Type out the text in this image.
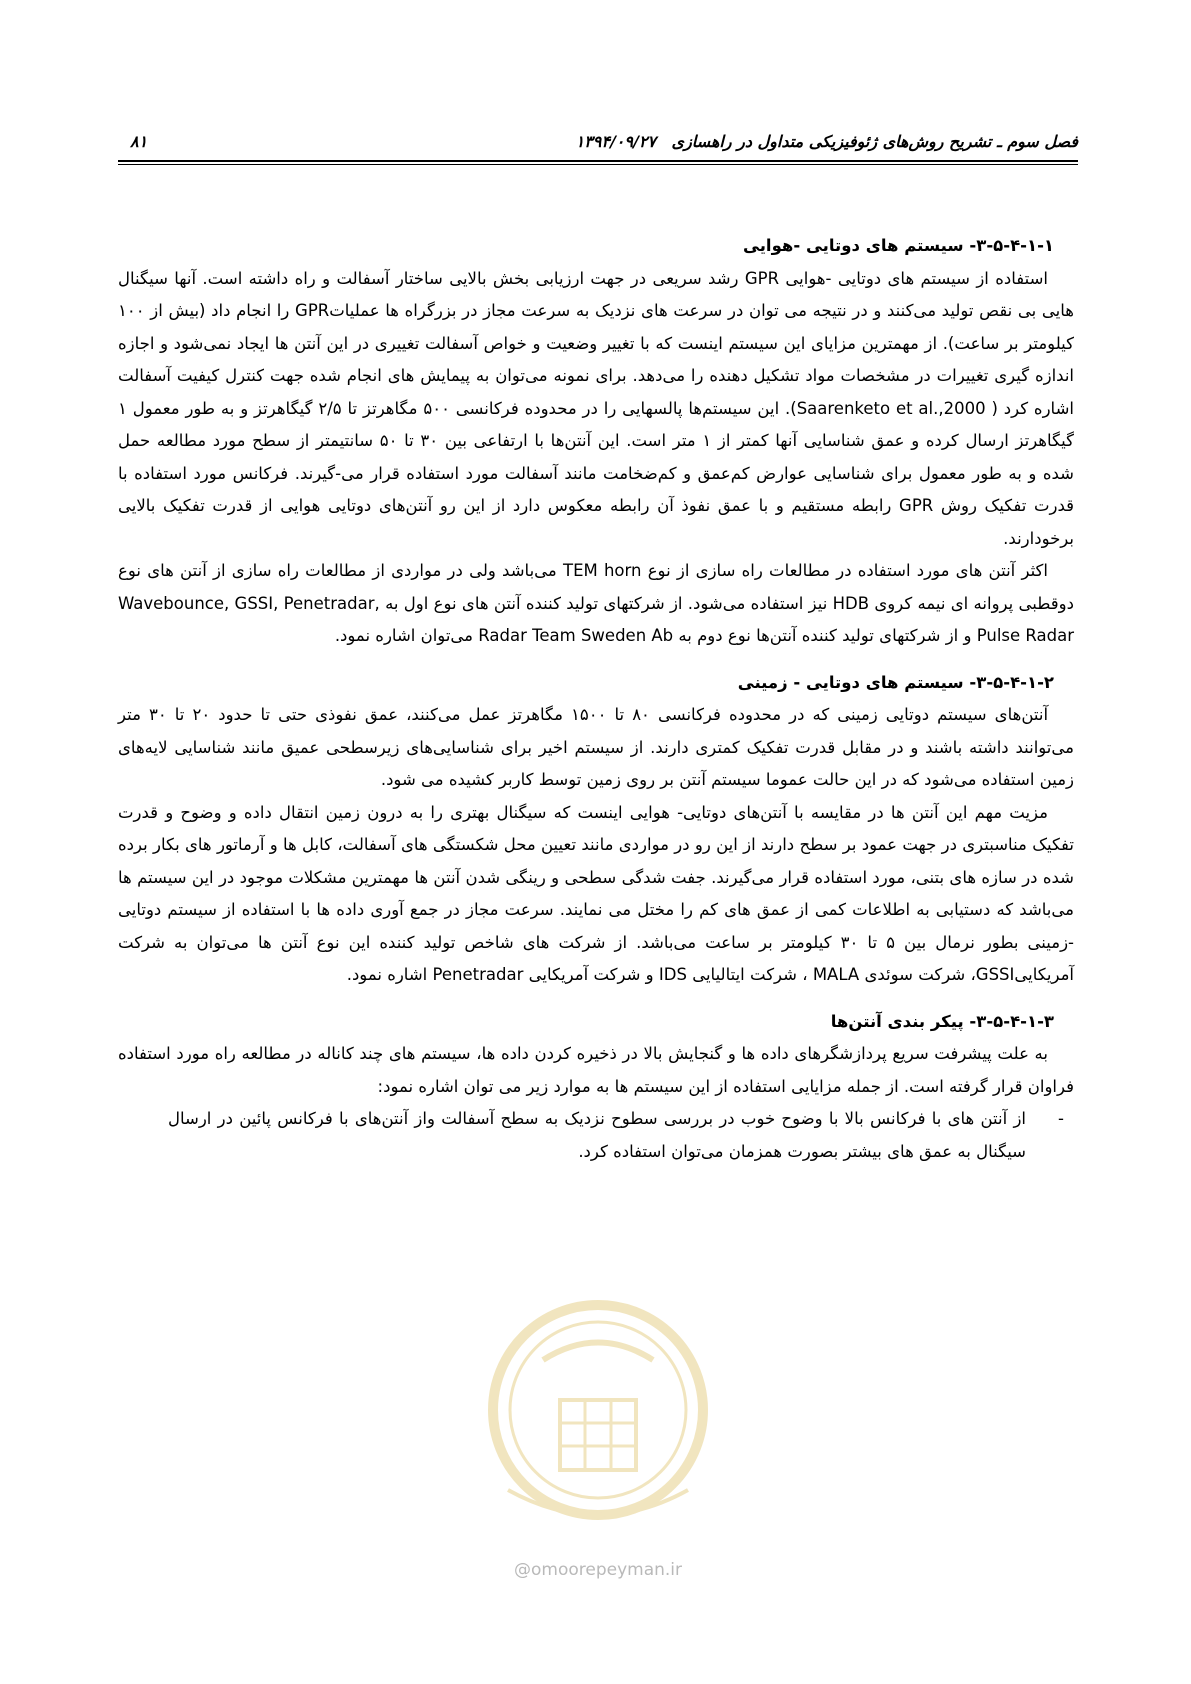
فصل سوم ـ تشریح روش‌های ژئوفیزیکی متداول در راهسازی
۱۳۹۴/۰۹/۲۷
۸۱
۳-۵-۴-۱-۱- سیستم های دوتایی -هوایی

استفاده از سیستم های دوتایی -هوایی GPR رشد سریعی در جهت ارزیابی بخش بالایی ساختار آسفالت و راه داشته است. آنها سیگنال هایی بی نقص تولید می‌کنند و در نتیجه می توان در سرعت های نزدیک به سرعت مجاز در بزرگراه ها عملیاتGPR را انجام داد (بیش از ۱۰۰ کیلومتر بر ساعت). از مهمترین مزایای این سیستم اینست که با تغییر وضعیت و خواص آسفالت تغییری در این آنتن ها ایجاد نمی‌شود و اجازه اندازه گیری تغییرات در مشخصات مواد تشکیل دهنده را می‌دهد. برای نمونه می‌توان به پیمایش های انجام شده جهت کنترل کیفیت آسفالت اشاره کرد ( Saarenketo et al.,2000). این سیستم‌ها پالسهایی را در محدوده فرکانسی ۵۰۰ مگاهرتز تا ۲/۵ گیگاهرتز و به طور معمول ۱ گیگاهرتز ارسال کرده و عمق شناسایی آنها کمتر از ۱ متر است. این آنتن‌ها با ارتفاعی بین ۳۰ تا ۵۰ سانتیمتر از سطح مورد مطالعه حمل شده و به طور معمول برای شناسایی عوارض کم‌عمق و کم‌ضخامت مانند آسفالت مورد استفاده قرار می-گیرند. فرکانس مورد استفاده با قدرت تفکیک روش GPR رابطه مستقیم و با عمق نفوذ آن رابطه معکوس دارد از این رو آنتن‌های دوتایی هوایی از قدرت تفکیک بالایی برخودارند.

اکثر آنتن های مورد استفاده در مطالعات راه سازی از نوع TEM horn می‌باشد ولی در مواردی از مطالعات راه سازی از آنتن های نوع دوقطبی پروانه ای نیمه کروی HDB نیز استفاده می‌شود. از شرکتهای تولید کننده آنتن های نوع اول به Wavebounce, GSSI, Penetradar, Pulse Radar و از شرکتهای تولید کننده آنتن‌ها نوع دوم به Radar Team Sweden Ab می‌توان اشاره نمود.

۳-۵-۴-۱-۲- سیستم های دوتایی - زمینی

آنتن‌های سیستم دوتایی زمینی که در محدوده فرکانسی ۸۰ تا ۱۵۰۰ مگاهرتز عمل می‌کنند، عمق نفوذی حتی تا حدود ۲۰ تا ۳۰ متر می‌توانند داشته باشند و در مقابل قدرت تفکیک کمتری دارند. از سیستم اخیر برای شناسایی‌های زیرسطحی عمیق مانند شناسایی لایه‌های زمین استفاده می‌شود که در این حالت عموما سیستم آنتن بر روی زمین توسط کاربر کشیده می شود.

مزیت مهم این آنتن ها در مقایسه با آنتن‌های دوتایی- هوایی اینست که سیگنال بهتری را به درون زمین انتقال داده و وضوح و قدرت تفکیک مناسبتری در جهت عمود بر سطح دارند از این رو در مواردی مانند تعیین محل شکستگی های آسفالت، کابل ها و آرماتور های بکار برده شده در سازه های بتنی، مورد استفاده قرار می‌گیرند. جفت شدگی سطحی و رینگی شدن آنتن ها مهمترین مشکلات موجود در این سیستم ها می‌باشد که دستیابی به اطلاعات کمی از عمق های کم را مختل می نمایند. سرعت مجاز در جمع آوری داده ها با استفاده از سیستم دوتایی -زمینی بطور نرمال بین ۵ تا ۳۰ کیلومتر بر ساعت می‌باشد. از شرکت های شاخص تولید کننده این نوع آنتن ها می‌توان به شرکت آمریکاییGSSI، شرکت سوئدی MALA ، شرکت ایتالیایی IDS و شرکت آمریکایی Penetradar اشاره نمود.

۳-۵-۴-۱-۳- پیکر بندی آنتن‌ها

به علت پیشرفت سریع پردازشگرهای داده ها و گنجایش بالا در ذخیره کردن داده ها، سیستم های چند کاناله در مطالعه راه مورد استفاده فراوان قرار گرفته است. از جمله مزایایی استفاده از این سیستم ها به موارد زیر می توان اشاره نمود:

-
از آنتن های با فرکانس بالا با وضوح خوب در بررسی سطوح نزدیک به سطح آسفالت واز آنتن‌های با فرکانس پائین در ارسال سیگنال به عمق های بیشتر بصورت همزمان می‌توان استفاده کرد.
@omoorepeyman.ir
